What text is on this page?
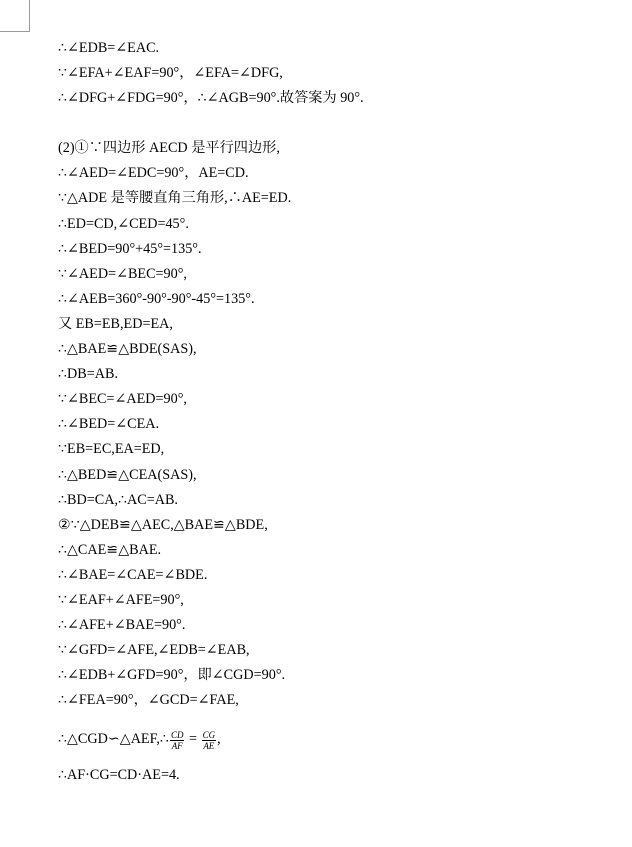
∴∠EDB=∠EAC.
∵∠EFA+∠EAF=90°，∠EFA=∠DFG,
∴∠DFG+∠FDG=90°，∴∠AGB=90°.故答案为 90°.
(2)①∵四边形 AECD 是平行四边形,
∴∠AED=∠EDC=90°，AE=CD.
∵△ADE 是等腰直角三角形,∴AE=ED.
∴ED=CD,∠CED=45°.
∴∠BED=90°+45°=135°.
∵∠AED=∠BEC=90°,
∴∠AEB=360°-90°-90°-45°=135°.
又 EB=EB,ED=EA,
∴△BAE≌△BDE(SAS),
∴DB=AB.
∵∠BEC=∠AED=90°,
∴∠BED=∠CEA.
∵EB=EC,EA=ED,
∴△BED≌△CEA(SAS),
∴BD=CA,∴AC=AB.
②∵△DEB≌△AEC,△BAE≌△BDE,
∴△CAE≌△BAE.
∴∠BAE=∠CAE=∠BDE.
∵∠EAF+∠AFE=90°,
∴∠AFE+∠BAE=90°.
∵∠GFD=∠AFE,∠EDB=∠EAB,
∴∠EDB+∠GFD=90°，即∠CGD=90°.
∴∠FEA=90°，∠GCD=∠FAE,
∴△CGD∽△AEF,∴ $\frac{CD}{AF} = \frac{CG}{AE}$ ,
∴AF·CG=CD·AE=4.
